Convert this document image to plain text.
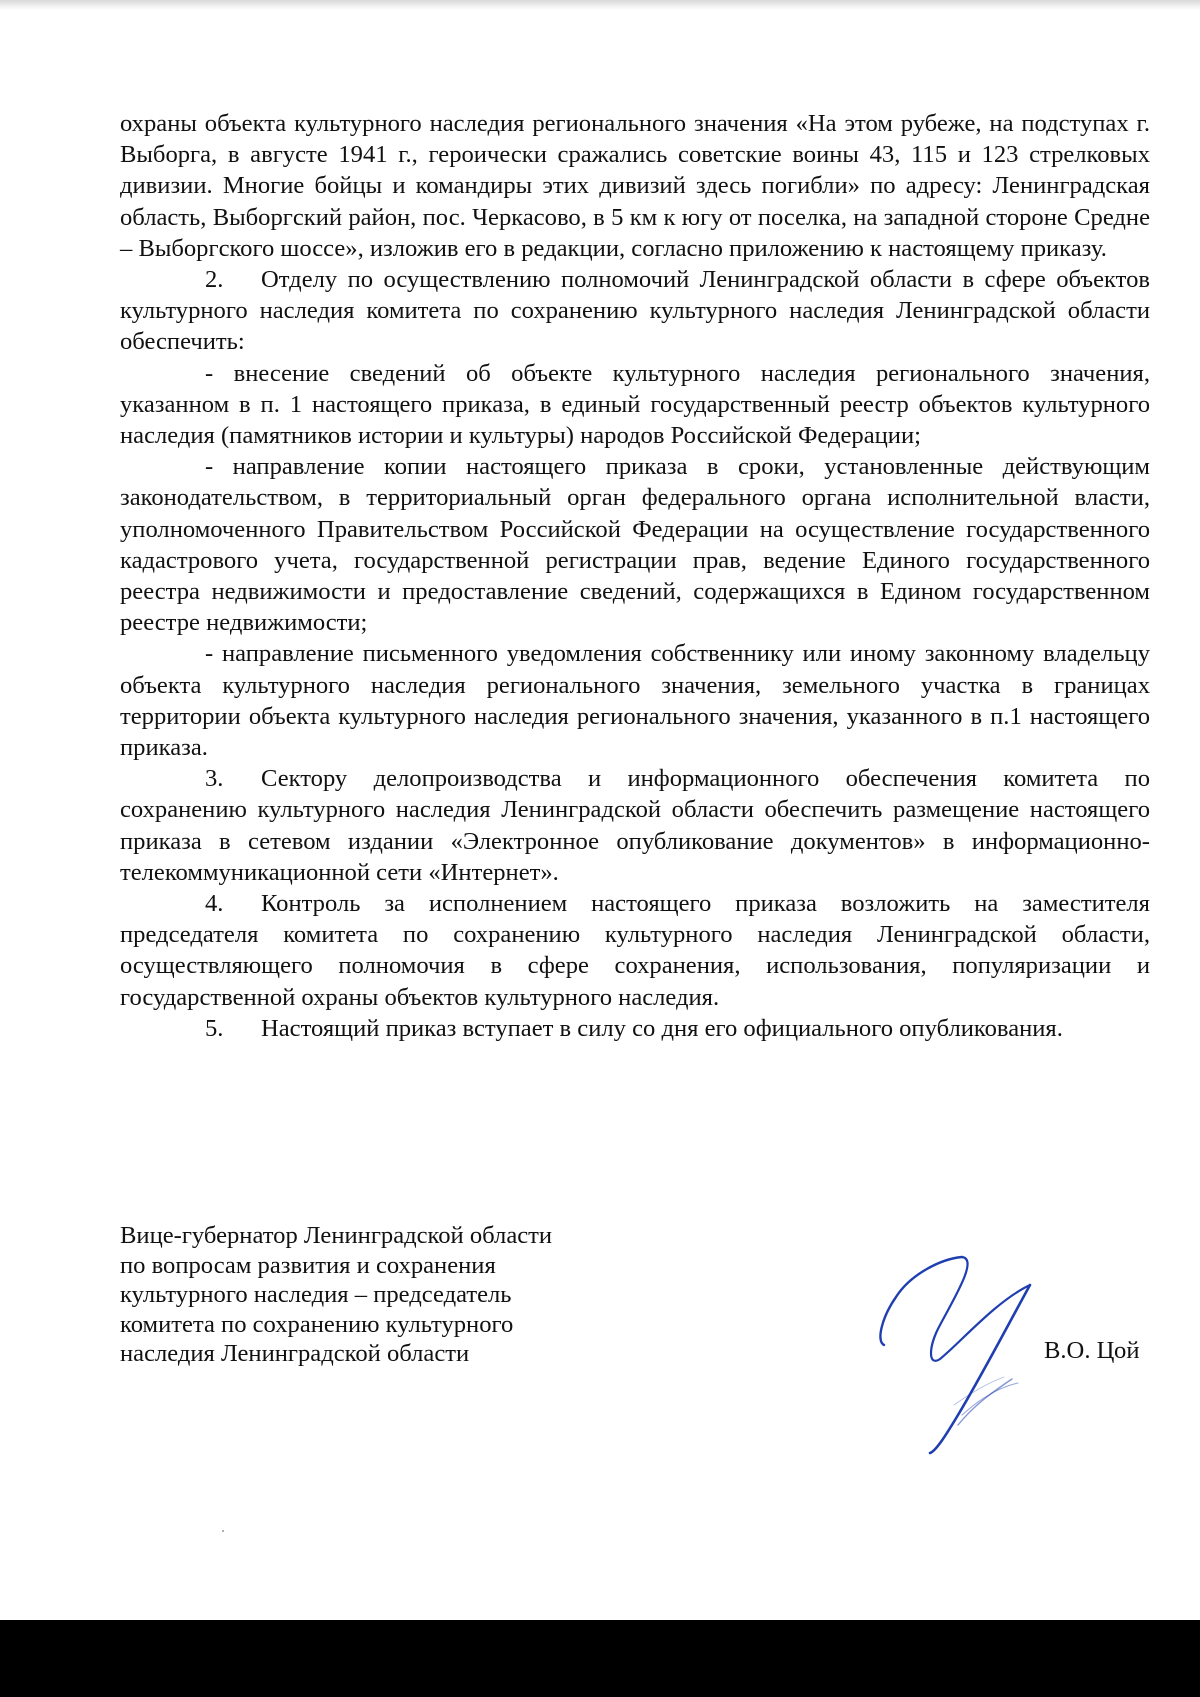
охраны объекта культурного наследия регионального значения «На этом рубеже, на подступах г. Выборга, в августе 1941 г., героически сражались советские воины 43, 115 и 123 стрелковых дивизии. Многие бойцы и командиры этих дивизий здесь погибли» по адресу: Ленинградская область, Выборгский район, пос. Черкасово, в 5 км к югу от поселка, на западной стороне Средне – Выборгского шоссе», изложив его в редакции, согласно приложению к настоящему приказу.

2. Отделу по осуществлению полномочий Ленинградской области в сфере объектов культурного наследия комитета по сохранению культурного наследия Ленинградской области обеспечить:

- внесение сведений об объекте культурного наследия регионального значения, указанном в п. 1 настоящего приказа, в единый государственный реестр объектов культурного наследия (памятников истории и культуры) народов Российской Федерации;

- направление копии настоящего приказа в сроки, установленные действующим законодательством, в территориальный орган федерального органа исполнительной власти, уполномоченного Правительством Российской Федерации на осуществление государственного кадастрового учета, государственной регистрации прав, ведение Единого государственного реестра недвижимости и предоставление сведений, содержащихся в Едином государственном реестре недвижимости;

- направление письменного уведомления собственнику или иному законному владельцу объекта культурного наследия регионального значения, земельного участка в границах территории объекта культурного наследия регионального значения, указанного в п.1 настоящего приказа.

3. Сектору делопроизводства и информационного обеспечения комитета по сохранению культурного наследия Ленинградской области обеспечить размещение настоящего приказа в сетевом издании «Электронное опубликование документов» в информационно-телекоммуникационной сети «Интернет».

4. Контроль за исполнением настоящего приказа возложить на заместителя председателя комитета по сохранению культурного наследия Ленинградской области, осуществляющего полномочия в сфере сохранения, использования, популяризации и государственной охраны объектов культурного наследия.

5. Настоящий приказ вступает в силу со дня его официального опубликования.

Вице-губернатор Ленинградской области
по вопросам развития и сохранения
культурного наследия – председатель
комитета по сохранению культурного
наследия Ленинградской области	В.О. Цой
